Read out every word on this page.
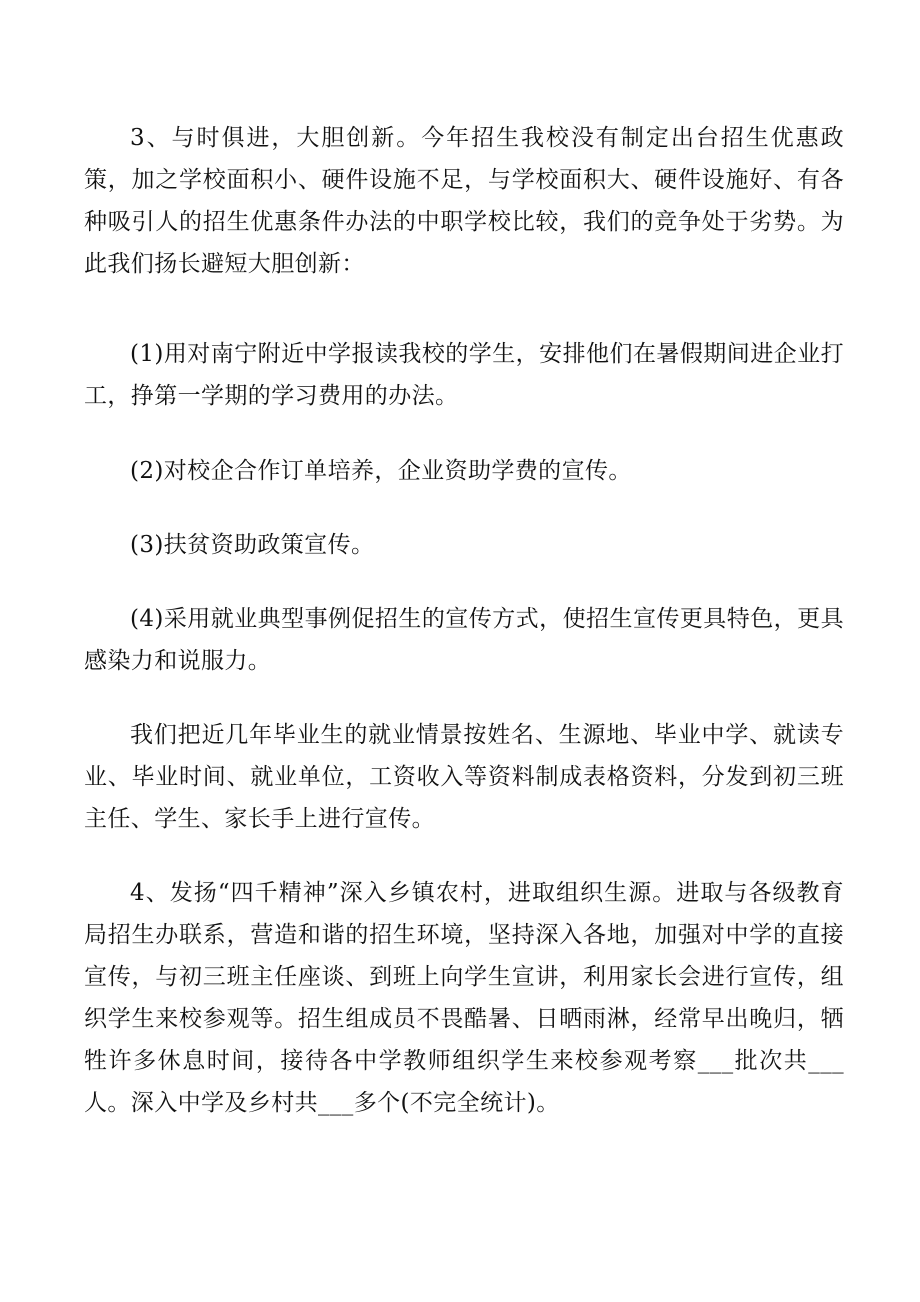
3、与时俱进，大胆创新。今年招生我校没有制定出台招生优惠政策，加之学校面积小、硬件设施不足，与学校面积大、硬件设施好、有各种吸引人的招生优惠条件办法的中职学校比较，我们的竞争处于劣势。为此我们扬长避短大胆创新：

(1)用对南宁附近中学报读我校的学生，安排他们在暑假期间进企业打工，挣第一学期的学习费用的办法。

(2)对校企合作订单培养，企业资助学费的宣传。

(3)扶贫资助政策宣传。

(4)采用就业典型事例促招生的宣传方式，使招生宣传更具特色，更具感染力和说服力。

我们把近几年毕业生的就业情景按姓名、生源地、毕业中学、就读专业、毕业时间、就业单位，工资收入等资料制成表格资料，分发到初三班主任、学生、家长手上进行宣传。

4、发扬“四千精神”深入乡镇农村，进取组织生源。进取与各级教育局招生办联系，营造和谐的招生环境，坚持深入各地，加强对中学的直接宣传，与初三班主任座谈、到班上向学生宣讲，利用家长会进行宣传，组织学生来校参观等。招生组成员不畏酷暑、日晒雨淋，经常早出晚归，牺牲许多休息时间，接待各中学教师组织学生来校参观考察___批次共___人。深入中学及乡村共___多个(不完全统计)。
